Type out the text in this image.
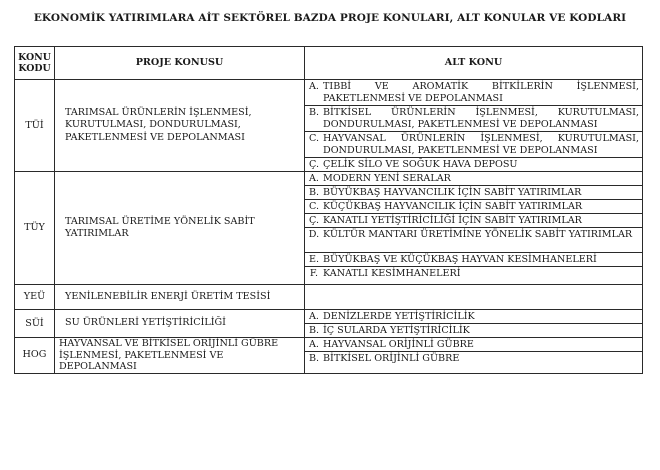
EKONOMİK YATIRIMLARA AİT SEKTÖREL BAZDA PROJE KONULARI, ALT KONULAR VE KODLARI
KONU KODU	PROJE KONUSU	ALT KONU
TÜİ	TARIMSAL ÜRÜNLERİN İŞLENMESİ, KURUTULMASI, DONDURULMASI, PAKETLENMESİ VE DEPOLANMASI	
A.	TIBBİ VE AROMATİK BİTKİLERİN İŞLENMESİ, PAKETLENMESİ VE DEPOLANMASI
B.	BİTKİSEL ÜRÜNLERİN İŞLENMESİ, KURUTULMASI, DONDURULMASI, PAKETLENMESİ VE DEPOLANMASI
C.	HAYVANSAL ÜRÜNLERİN İŞLENMESİ, KURUTULMASI, DONDURULMASI, PAKETLENMESİ VE DEPOLANMASI
Ç.	ÇELİK SİLO VE SOĞUK HAVA DEPOSU

TÜY	TARIMSAL ÜRETİME YÖNELİK SABİT YATIRIMLAR	
A.	MODERN YENİ SERALAR
B.	BÜYÜKBAŞ HAYVANCILIK İÇİN SABİT YATIRIMLAR
C.	KÜÇÜKBAŞ HAYVANCILIK İÇİN SABİT YATIRIMLAR
Ç.	KANATLI YETİŞTİRİCİLİĞİ İÇİN SABİT YATIRIMLAR
D.	KÜLTÜR MANTARI ÜRETİMİNE YÖNELİK SABİT YATIRIMLAR
E.	BÜYÜKBAŞ VE KÜÇÜKBAŞ HAYVAN KESİMHANELERİ
F.	KANATLI KESİMHANELERİ

YEÜ	YENİLENEBİLİR ENERJİ ÜRETİM TESİSİ	
SÜİ	SU ÜRÜNLERİ YETİŞTİRİCİLİĞİ	
A.	DENİZLERDE YETİŞTİRİCİLİK
B.	İÇ SULARDA YETİŞTİRİCİLİK

HOG	HAYVANSAL VE BİTKİSEL ORİJİNLİ GÜBRE İŞLENMESİ, PAKETLENMESİ VE DEPOLANMASI	
A.	HAYVANSAL ORİJİNLİ GÜBRE
B.	BİTKİSEL ORİJİNLİ GÜBRE
